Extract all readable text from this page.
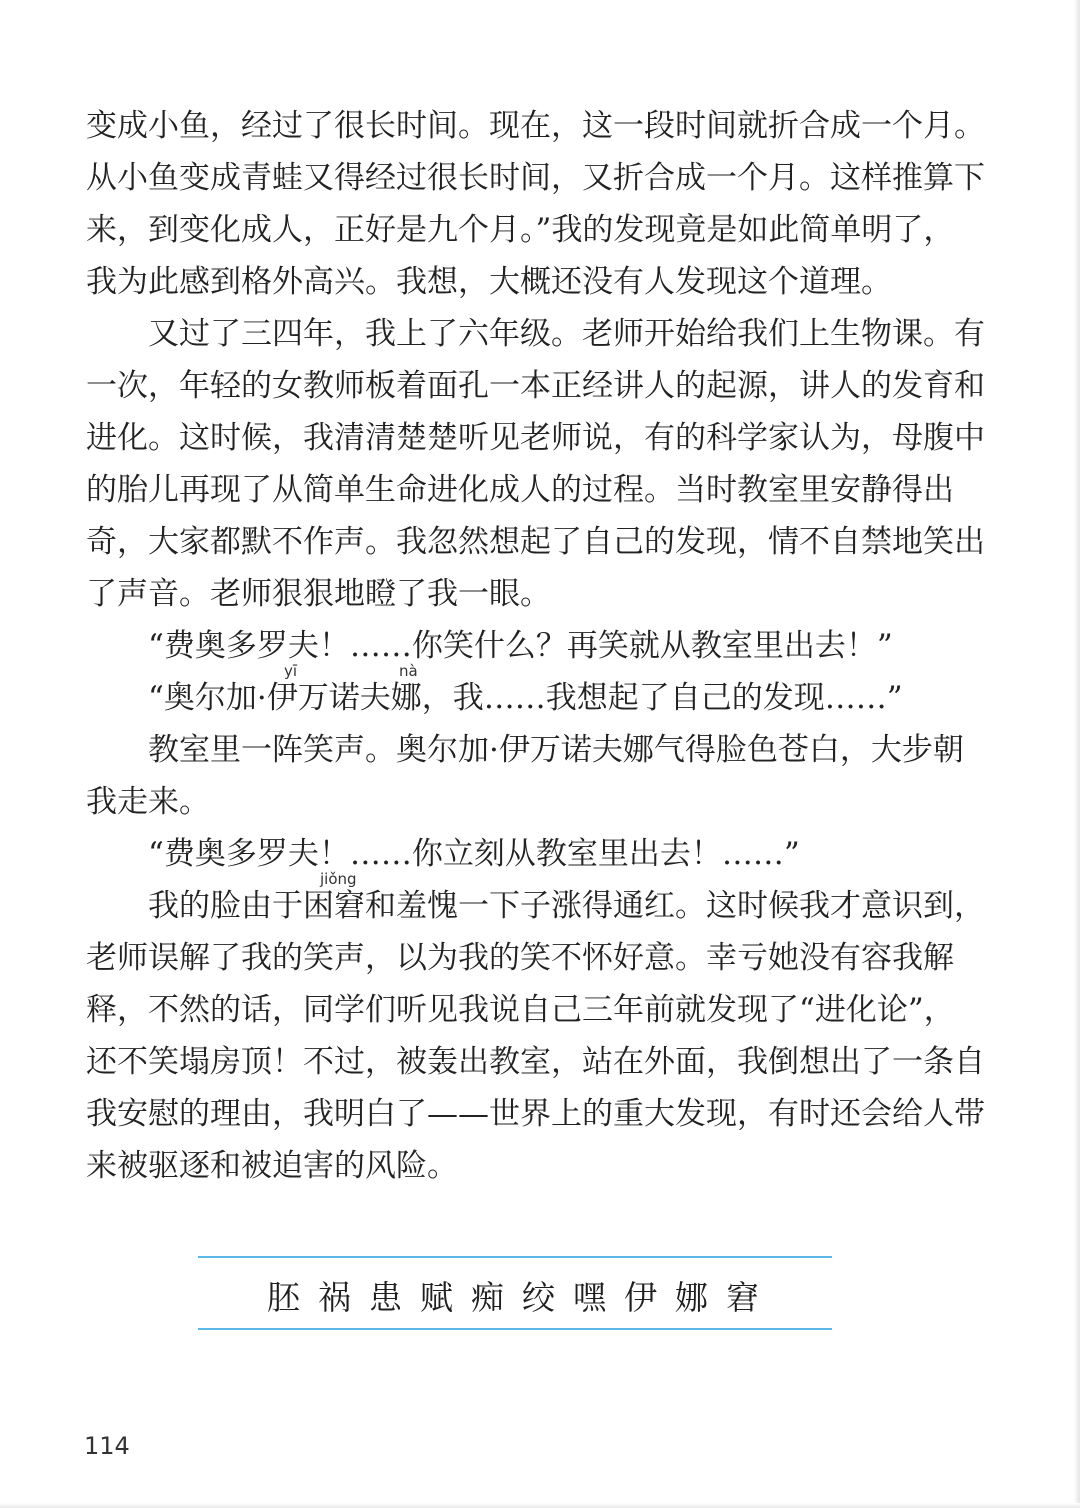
变成小鱼，经过了很长时间。现在，这一段时间就折合成一个月。
从小鱼变成青蛙又得经过很长时间，又折合成一个月。这样推算下
来，到变化成人，正好是九个月。”我的发现竟是如此简单明了，
我为此感到格外高兴。我想，大概还没有人发现这个道理。
又过了三四年，我上了六年级。老师开始给我们上生物课。有
一次，年轻的女教师板着面孔一本正经讲人的起源，讲人的发育和
进化。这时候，我清清楚楚听见老师说，有的科学家认为，母腹中
的胎儿再现了从简单生命进化成人的过程。当时教室里安静得出
奇，大家都默不作声。我忽然想起了自己的发现，情不自禁地笑出
了声音。老师狠狠地瞪了我一眼。
“费奥多罗夫！……你笑什么？再笑就从教室里出去！”
yī	nà
“奥尔加·伊万诺夫娜，我……我想起了自己的发现……”
教室里一阵笑声。奥尔加·伊万诺夫娜气得脸色苍白，大步朝
我走来。
“费奥多罗夫！……你立刻从教室里出去！……”
jiǒng
我的脸由于困窘和羞愧一下子涨得通红。这时候我才意识到，
老师误解了我的笑声，以为我的笑不怀好意。幸亏她没有容我解
释，不然的话，同学们听见我说自己三年前就发现了“进化论”，
还不笑塌房顶！不过，被轰出教室，站在外面，我倒想出了一条自
我安慰的理由，我明白了——世界上的重大发现，有时还会给人带
来被驱逐和被迫害的风险。
胚 祸 患 赋 痴 绞 嘿 伊 娜 窘
114
